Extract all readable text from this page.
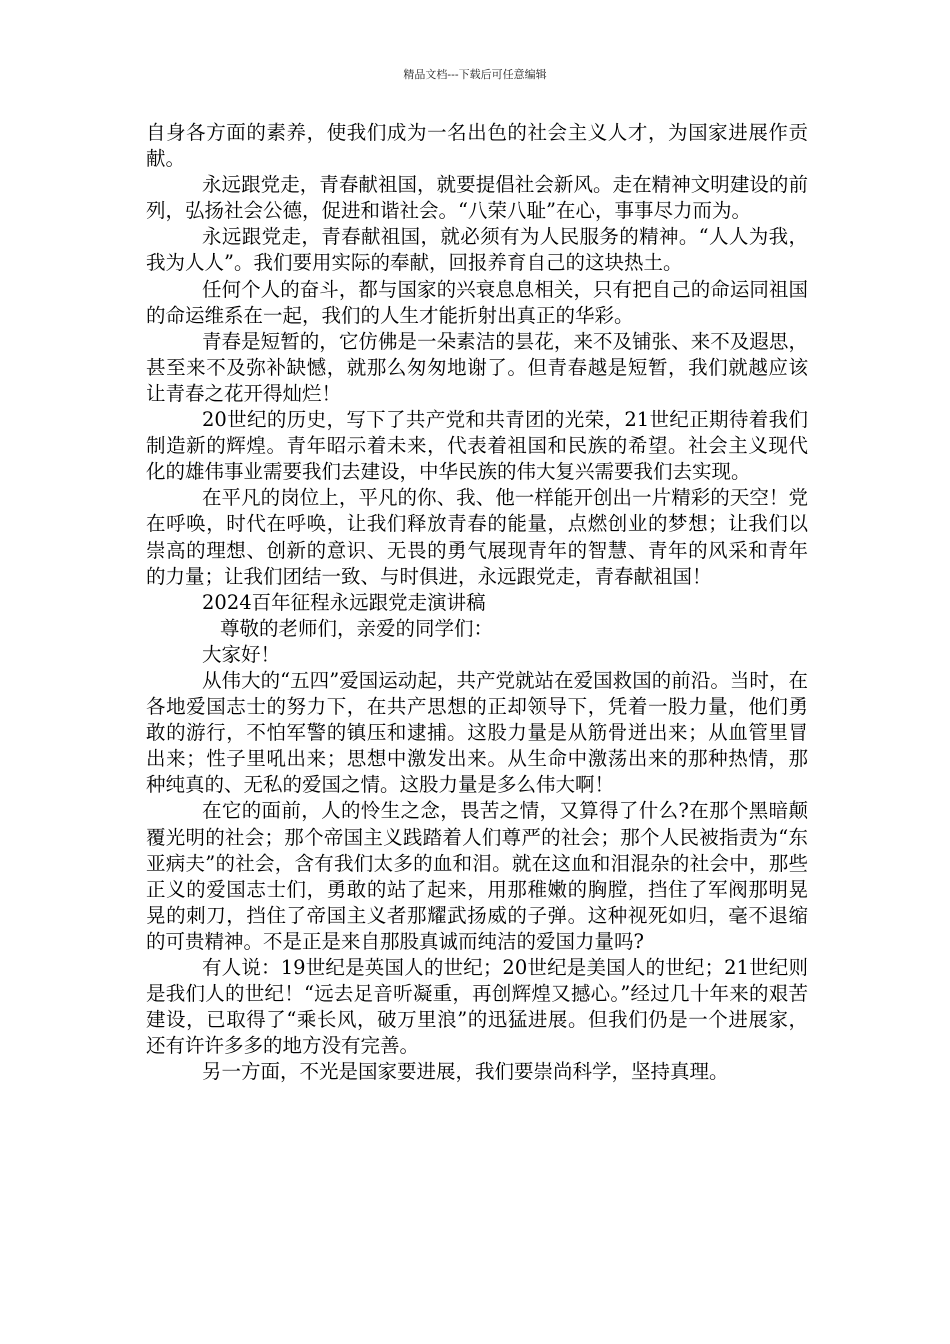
精品文档---下载后可任意编辑

自身各方面的素养，使我们成为一名出色的社会主义人才，为国家进展作贡献。

永远跟党走，青春献祖国，就要提倡社会新风。走在精神文明建设的前列，弘扬社会公德，促进和谐社会。“八荣八耻”在心，事事尽力而为。

永远跟党走，青春献祖国，就必须有为人民服务的精神。“人人为我，我为人人”。我们要用实际的奉献，回报养育自己的这块热土。

任何个人的奋斗，都与国家的兴衰息息相关，只有把自己的命运同祖国的命运维系在一起，我们的人生才能折射出真正的华彩。

青春是短暂的，它仿佛是一朵素洁的昙花，来不及铺张、来不及遐思，甚至来不及弥补缺憾，就那么匆匆地谢了。但青春越是短暂，我们就越应该让青春之花开得灿烂！

20世纪的历史，写下了共产党和共青团的光荣，21世纪正期待着我们制造新的辉煌。青年昭示着未来，代表着祖国和民族的希望。社会主义现代化的雄伟事业需要我们去建设，中华民族的伟大复兴需要我们去实现。

在平凡的岗位上，平凡的你、我、他一样能开创出一片精彩的天空！党在呼唤，时代在呼唤，让我们释放青春的能量，点燃创业的梦想；让我们以崇高的理想、创新的意识、无畏的勇气展现青年的智慧、青年的风采和青年的力量；让我们团结一致、与时俱进，永远跟党走，青春献祖国！

2024百年征程永远跟党走演讲稿

尊敬的老师们，亲爱的同学们：

大家好！

从伟大的“五四”爱国运动起，共产党就站在爱国救国的前沿。当时，在各地爱国志士的努力下，在共产思想的正却领导下，凭着一股力量，他们勇敢的游行，不怕军警的镇压和逮捕。这股力量是从筋骨迸出来；从血管里冒出来；性子里吼出来；思想中激发出来。从生命中激荡出来的那种热情，那种纯真的、无私的爱国之情。这股力量是多么伟大啊！

在它的面前，人的怜生之念，畏苦之情，又算得了什么?在那个黑暗颠覆光明的社会；那个帝国主义践踏着人们尊严的社会；那个人民被指责为“东亚病夫”的社会，含有我们太多的血和泪。就在这血和泪混杂的社会中，那些正义的爱国志士们，勇敢的站了起来，用那稚嫩的胸膛，挡住了军阀那明晃晃的刺刀，挡住了帝国主义者那耀武扬威的子弹。这种视死如归，毫不退缩的可贵精神。不是正是来自那股真诚而纯洁的爱国力量吗?

有人说：19世纪是英国人的世纪；20世纪是美国人的世纪；21世纪则是我们人的世纪！“远去足音听凝重，再创辉煌又撼心。”经过几十年来的艰苦建设，已取得了“乘长风，破万里浪”的迅猛进展。但我们仍是一个进展家，还有许许多多的地方没有完善。

另一方面，不光是国家要进展，我们要崇尚科学，坚持真理。
